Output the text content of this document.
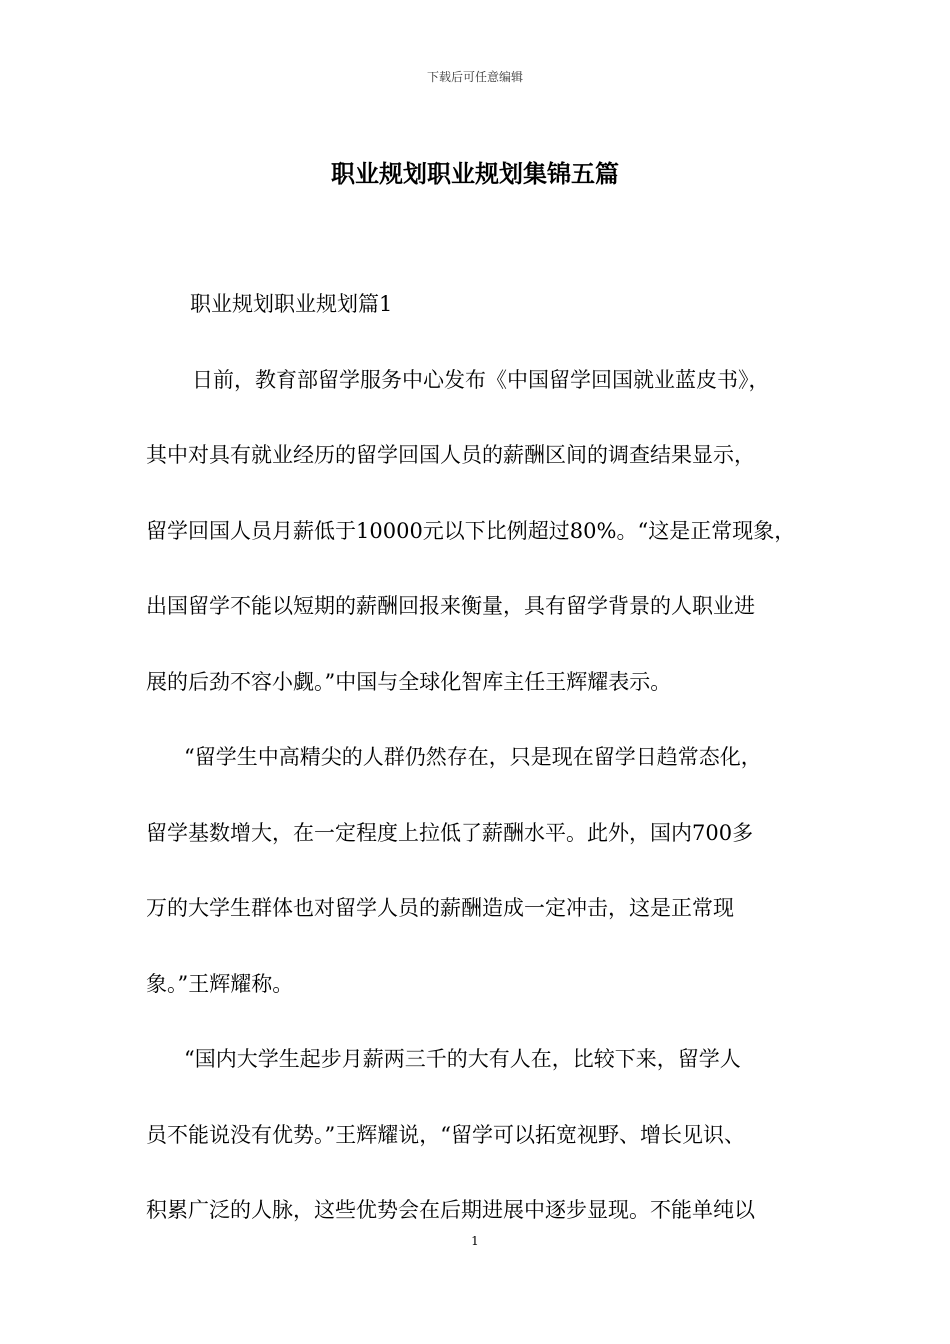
下载后可任意编辑
职业规划职业规划集锦五篇
职业规划职业规划篇1
日前，教育部留学服务中心发布《中国留学回国就业蓝皮书》，
其中对具有就业经历的留学回国人员的薪酬区间的调查结果显示，
留学回国人员月薪低于10000元以下比例超过80%。“这是正常现象，
出国留学不能以短期的薪酬回报来衡量，具有留学背景的人职业进
展的后劲不容小觑。”中国与全球化智库主任王辉耀表示。
“留学生中高精尖的人群仍然存在，只是现在留学日趋常态化，
留学基数增大，在一定程度上拉低了薪酬水平。此外，国内700多
万的大学生群体也对留学人员的薪酬造成一定冲击，这是正常现
象。”王辉耀称。
“国内大学生起步月薪两三千的大有人在，比较下来，留学人
员不能说没有优势。”王辉耀说，“留学可以拓宽视野、增长见识、
积累广泛的人脉，这些优势会在后期进展中逐步显现。不能单纯以
1
